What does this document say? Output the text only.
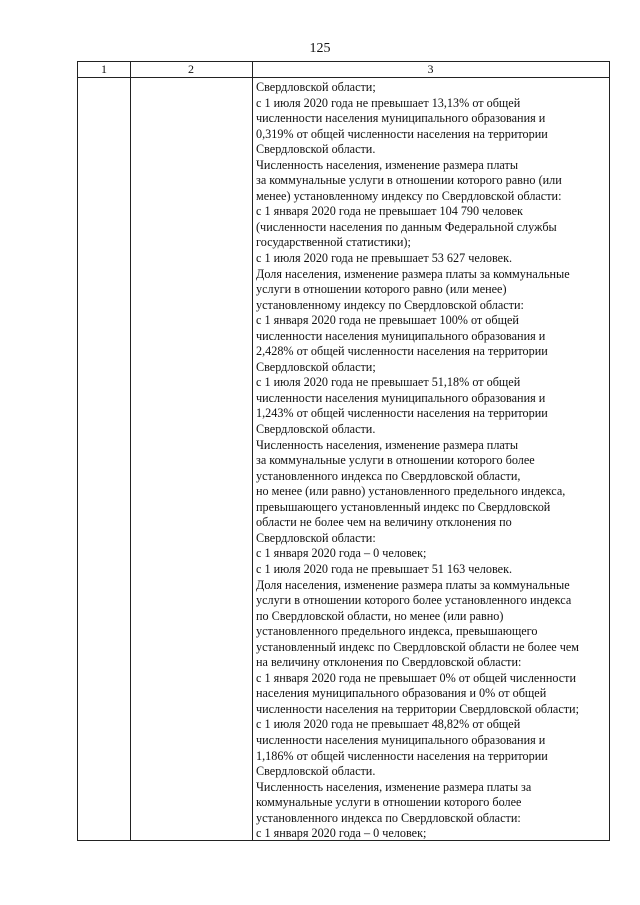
125
1	2	3
Свердловской области;
с 1 июля 2020 года не превышает 13,13% от общей
численности населения муниципального образования и
0,319% от общей численности населения на территории
Свердловской области.
Численность населения, изменение размера платы
за коммунальные услуги в отношении которого равно (или
менее) установленному индексу по Свердловской области:
с 1 января 2020 года не превышает 104 790 человек
(численности населения по данным Федеральной службы
государственной статистики);
с 1 июля 2020 года не превышает 53 627 человек.
Доля населения, изменение размера платы за коммунальные
услуги в отношении которого равно (или менее)
установленному индексу по Свердловской области:
с 1 января 2020 года не превышает 100% от общей
численности населения муниципального образования и
2,428% от общей численности населения на территории
Свердловской области;
с 1 июля 2020 года не превышает 51,18% от общей
численности населения муниципального образования и
1,243% от общей численности населения на территории
Свердловской области.
Численность населения, изменение размера платы
за коммунальные услуги в отношении которого более
установленного индекса по Свердловской области,
но менее (или равно) установленного предельного индекса,
превышающего установленный индекс по Свердловской
области не более чем на величину отклонения по
Свердловской области:
с 1 января 2020 года – 0 человек;
с 1 июля 2020 года не превышает 51 163 человек.
Доля населения, изменение размера платы за коммунальные
услуги в отношении которого более установленного индекса
по Свердловской области, но менее (или равно)
установленного предельного индекса, превышающего
установленный индекс по Свердловской области не более чем
на величину отклонения по Свердловской области:
с 1 января 2020 года не превышает 0% от общей численности
населения муниципального образования и 0% от общей
численности населения на территории Свердловской области;
с 1 июля 2020 года не превышает 48,82% от общей
численности населения муниципального образования и
1,186% от общей численности населения на территории
Свердловской области.
Численность населения, изменение размера платы за
коммунальные услуги в отношении которого более
установленного индекса по Свердловской области:
с 1 января 2020 года – 0 человек;
